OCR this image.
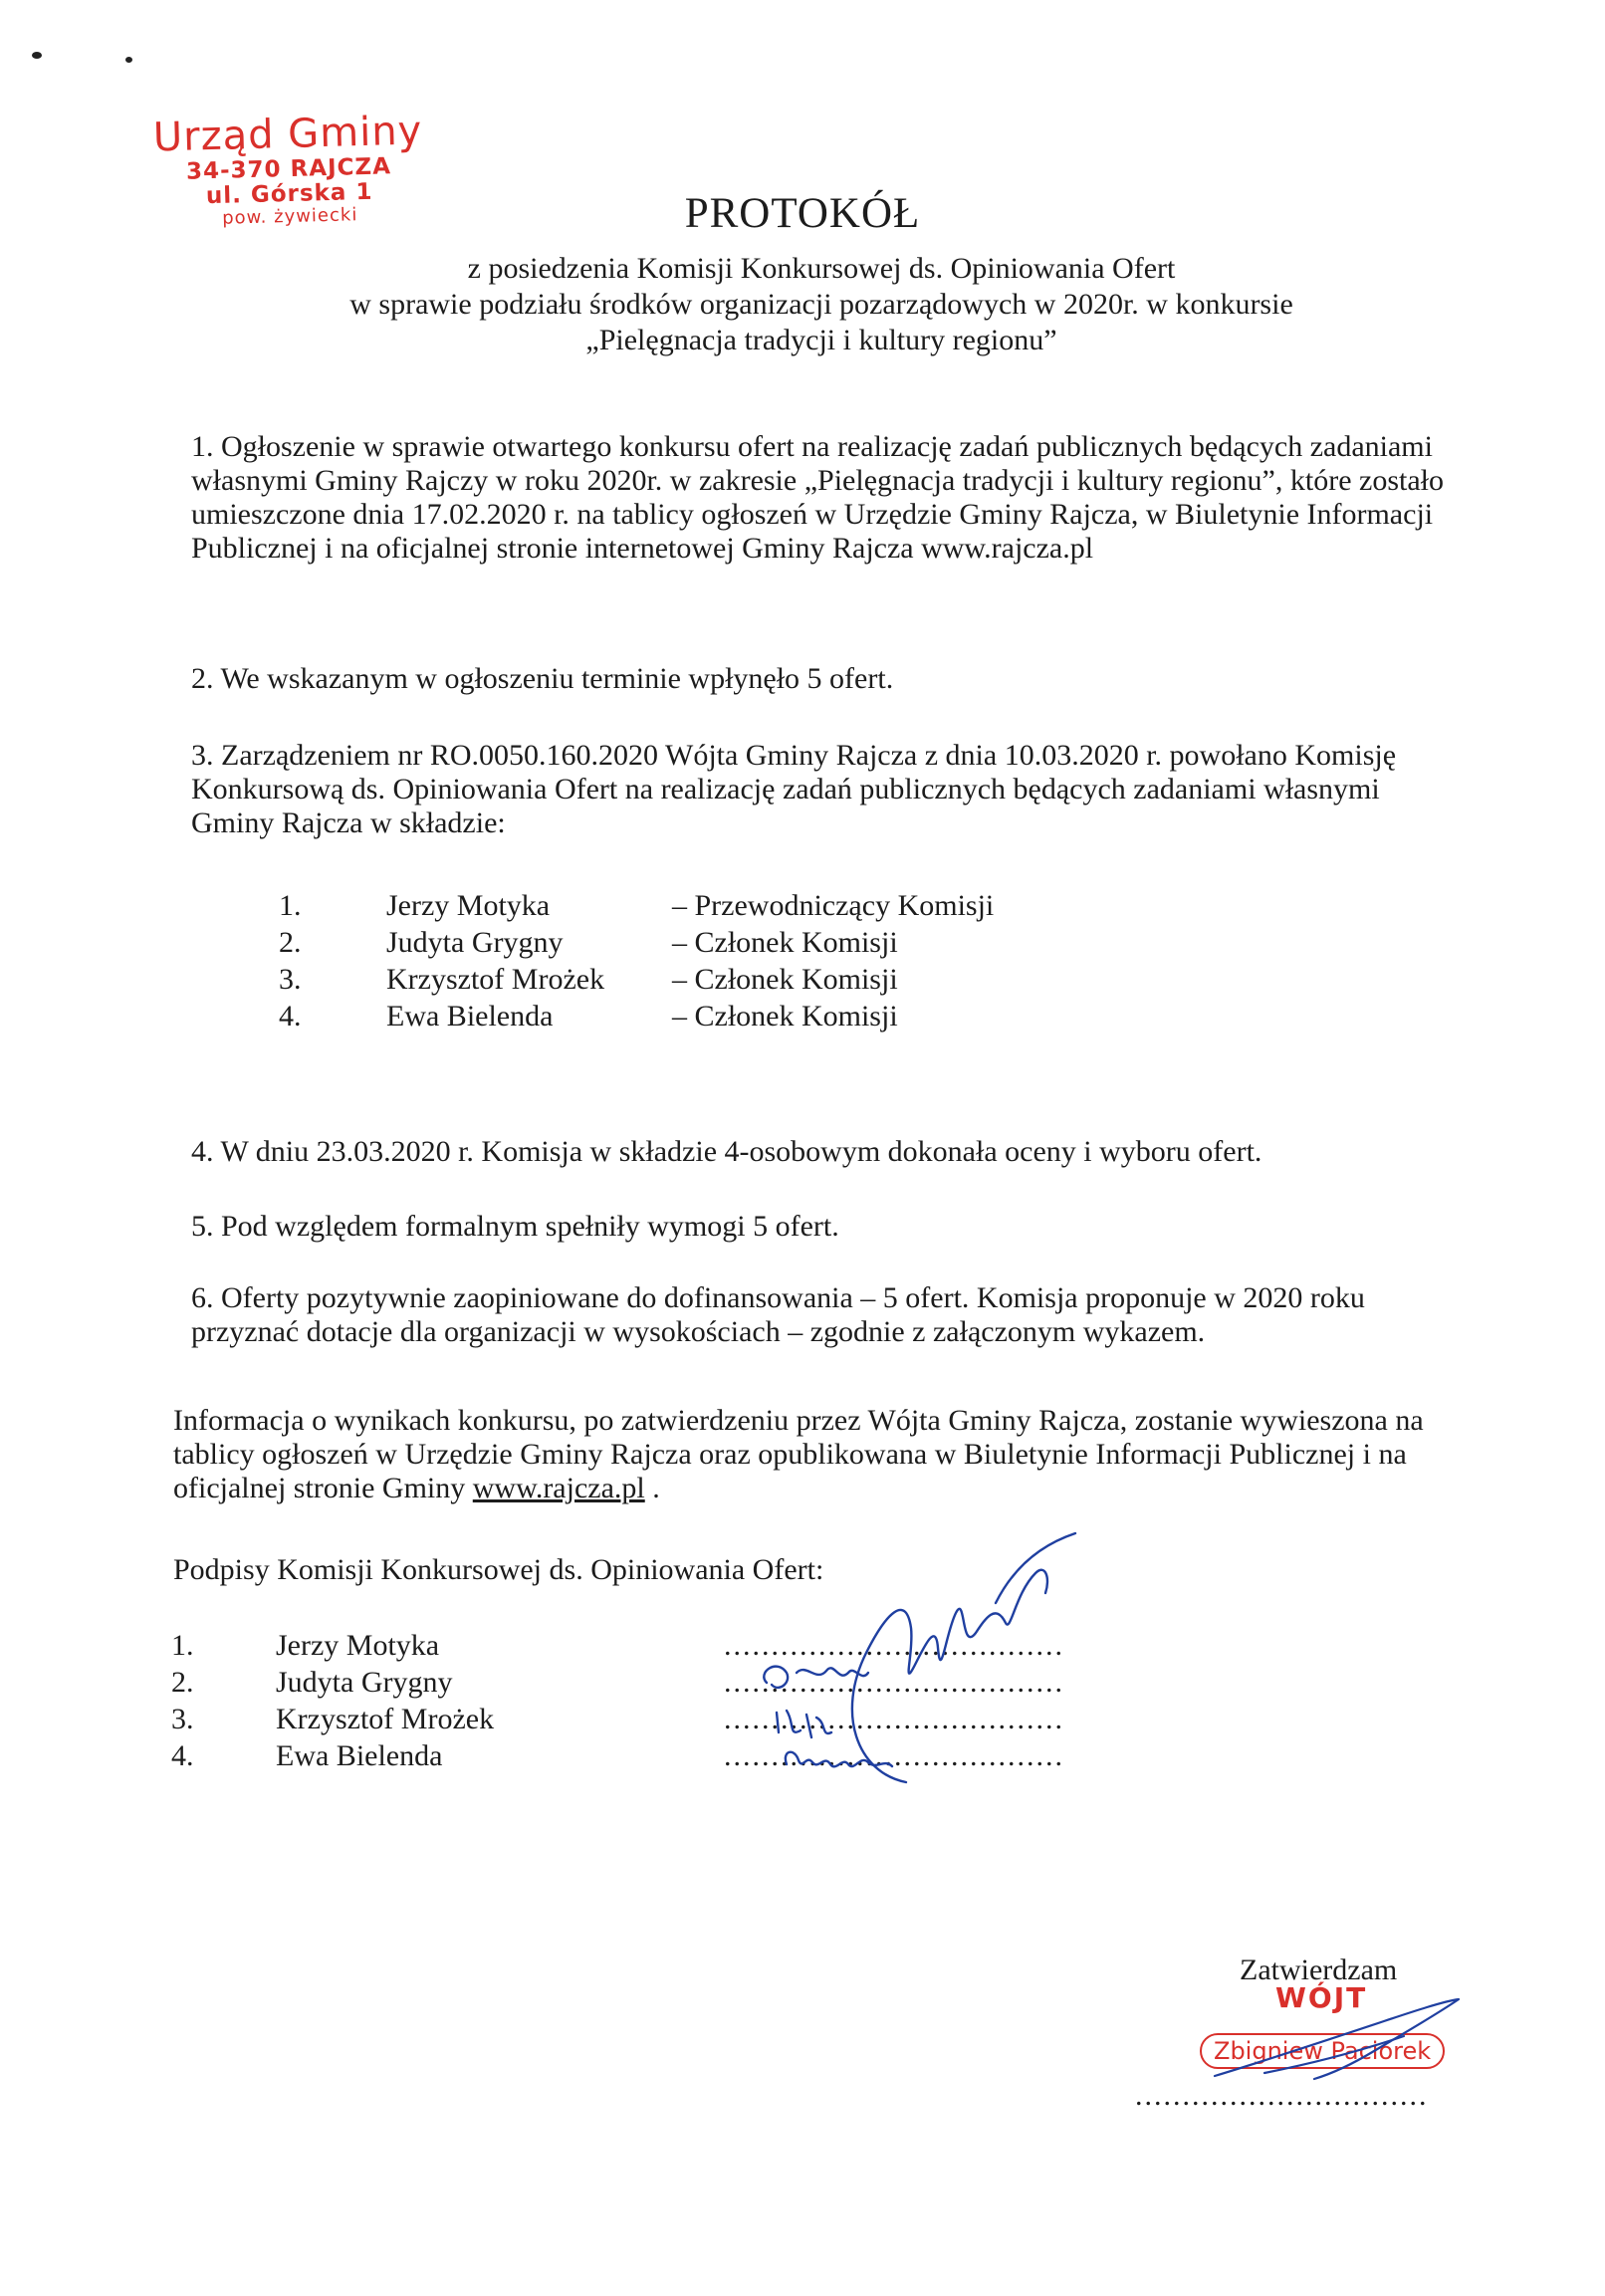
Urząd Gminy
34-370 RAJCZA
ul. Górska 1
pow. żywiecki	PROTOKÓŁ
z posiedzenia Komisji Konkursowej ds. Opiniowania Ofert
w sprawie podziału środków organizacji pozarządowych w 2020r. w konkursie
„Pielęgnacja tradycji i kultury regionu”
1. Ogłoszenie w sprawie otwartego konkursu ofert na realizację zadań publicznych będących zadaniami własnymi Gminy Rajczy w roku 2020r. w zakresie „Pielęgnacja tradycji i kultury regionu”, które zostało umieszczone dnia 17.02.2020 r. na tablicy ogłoszeń w Urzędzie Gminy Rajcza, w Biuletynie Informacji Publicznej i na oficjalnej stronie internetowej Gminy Rajcza www.rajcza.pl
2. We wskazanym w ogłoszeniu terminie wpłynęło 5 ofert.
3. Zarządzeniem nr RO.0050.160.2020 Wójta Gminy Rajcza z dnia 10.03.2020 r. powołano Komisję Konkursową ds. Opiniowania Ofert na realizację zadań publicznych będących zadaniami własnymi Gminy Rajcza w składzie:
1.	Jerzy Motyka	– Przewodniczący Komisji
2.	Judyta Grygny	– Członek Komisji
3.	Krzysztof Mrożek – Członek Komisji
4.	Ewa Bielenda	– Członek Komisji
4. W dniu 23.03.2020 r. Komisja w składzie 4-osobowym dokonała oceny i wyboru ofert.
5. Pod względem formalnym spełniły wymogi 5 ofert.
6. Oferty pozytywnie zaopiniowane do dofinansowania – 5 ofert. Komisja proponuje w 2020 roku przyznać dotacje dla organizacji w wysokościach – zgodnie z załączonym wykazem.
Informacja o wynikach konkursu, po zatwierdzeniu przez Wójta Gminy Rajcza, zostanie wywieszona na tablicy ogłoszeń w Urzędzie Gminy Rajcza oraz opublikowana w Biuletynie Informacji Publicznej i na oficjalnej stronie Gminy www.rajcza.pl .
Podpisy Komisji Konkursowej ds. Opiniowania Ofert:
1.	Jerzy Motyka	....................................
2.	Judyta Grygny	....................................
3.	Krzysztof Mrożek	....................................
4.	Ewa Bielenda	....................................
Zatwierdzam
WÓJT
Zbigniew Paciorek
...............................
